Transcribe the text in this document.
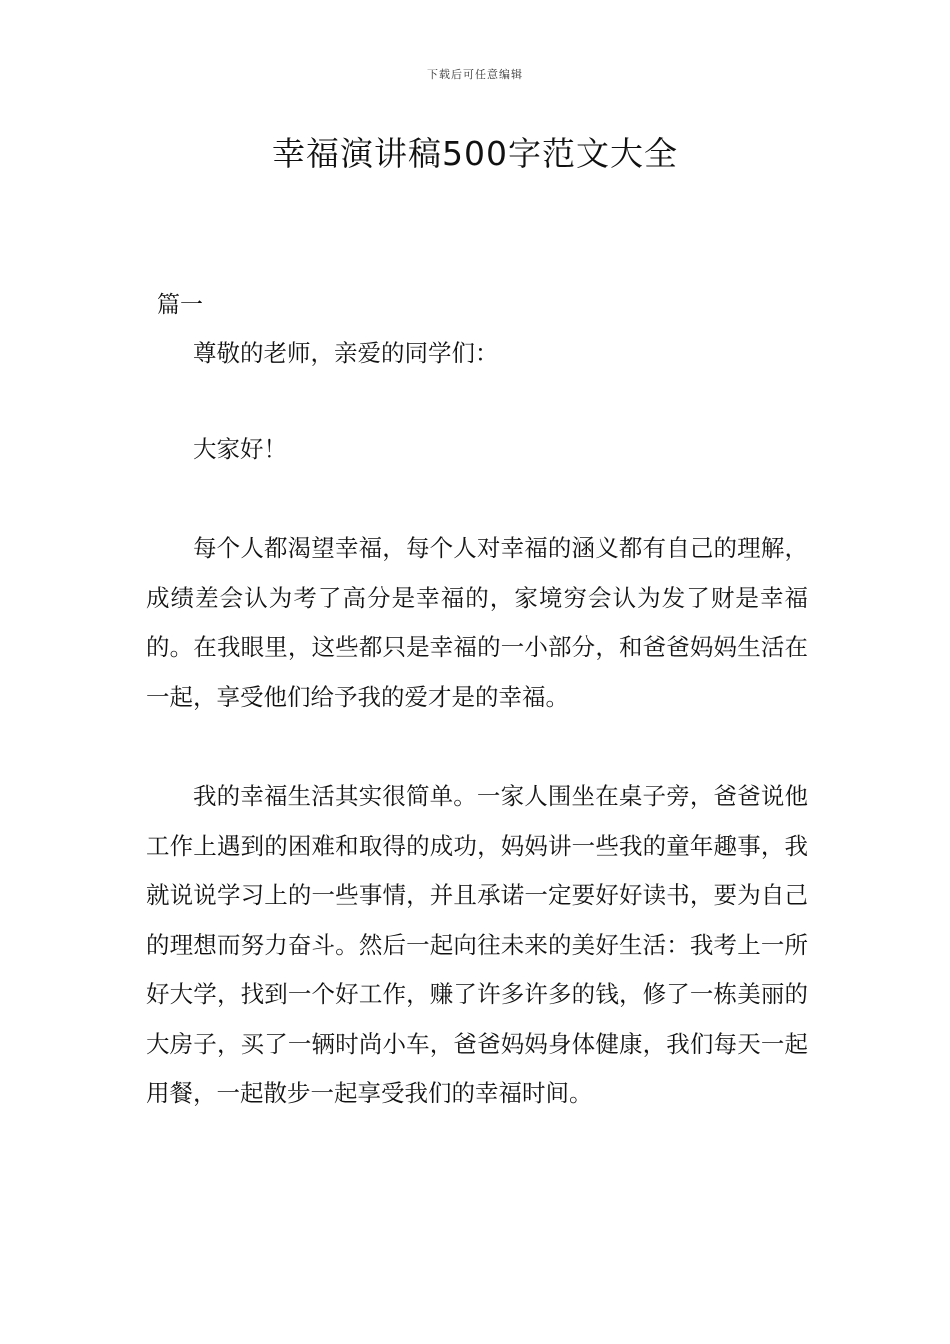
下载后可任意编辑
幸福演讲稿500字范文大全
篇一

尊敬的老师，亲爱的同学们：

大家好！

每个人都渴望幸福，每个人对幸福的涵义都有自己的理解，成绩差会认为考了高分是幸福的，家境穷会认为发了财是幸福的。在我眼里，这些都只是幸福的一小部分，和爸爸妈妈生活在一起，享受他们给予我的爱才是的幸福。

我的幸福生活其实很简单。一家人围坐在桌子旁，爸爸说他工作上遇到的困难和取得的成功，妈妈讲一些我的童年趣事，我就说说学习上的一些事情，并且承诺一定要好好读书，要为自己的理想而努力奋斗。然后一起向往未来的美好生活：我考上一所好大学，找到一个好工作，赚了许多许多的钱，修了一栋美丽的大房子，买了一辆时尚小车，爸爸妈妈身体健康，我们每天一起用餐，一起散步一起享受我们的幸福时间。
